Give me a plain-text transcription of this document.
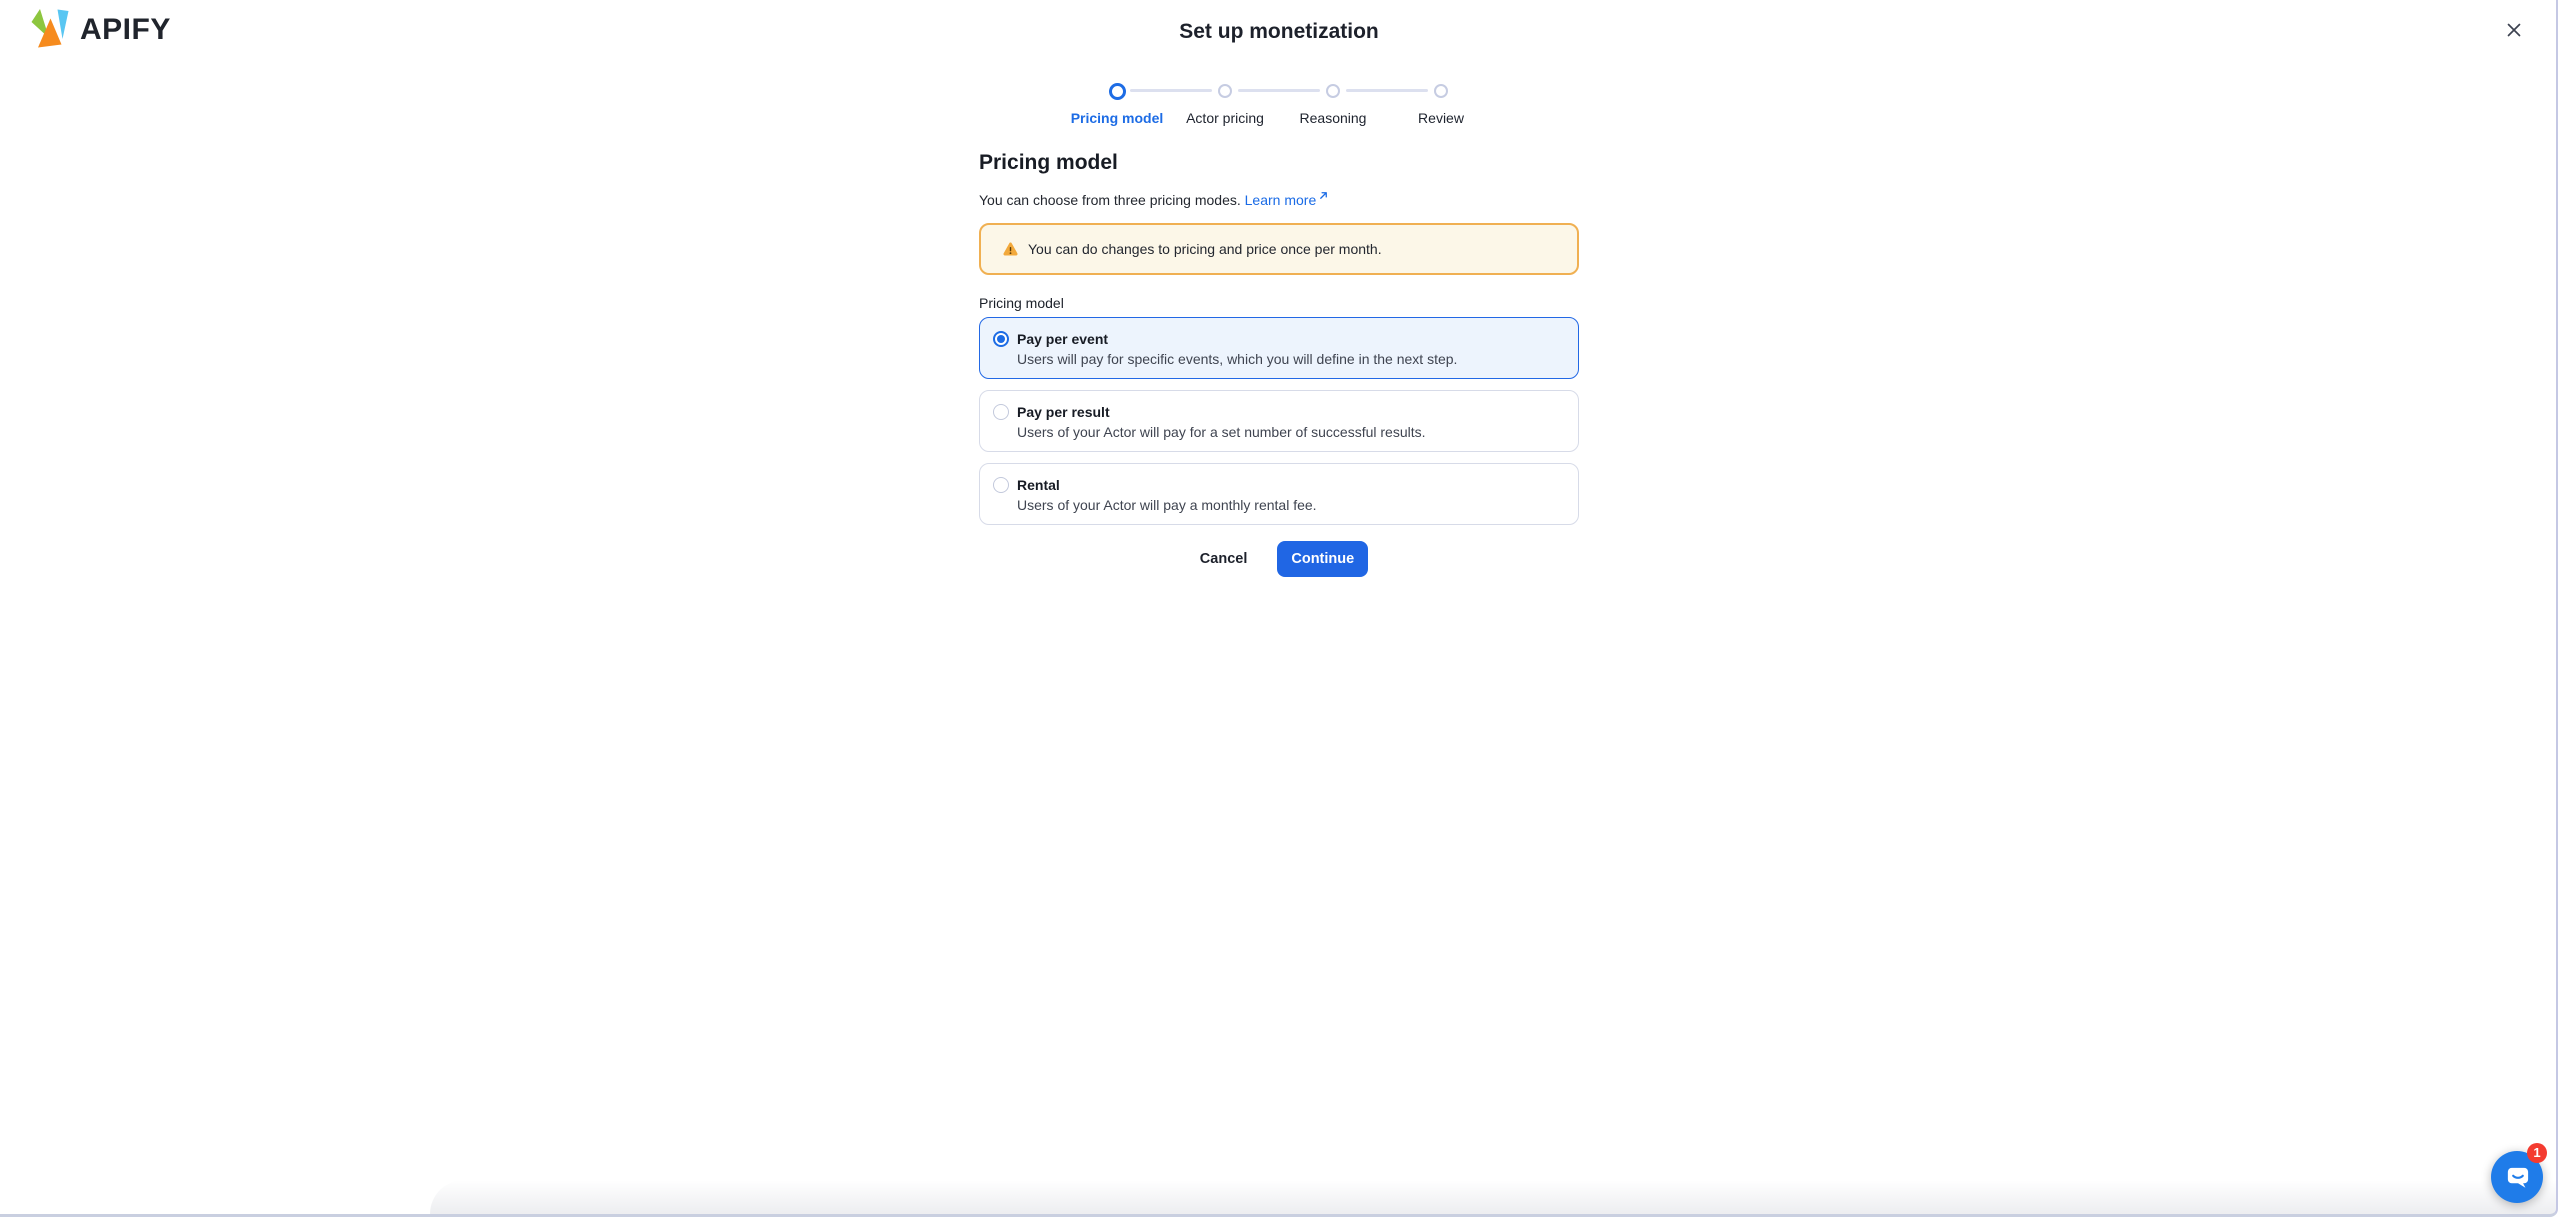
APIFY	Set up monetization
Pricing model	Actor pricing	Reasoning	Review
Pricing model
You can choose from three pricing modes. Learn more
You can do changes to pricing and price once per month.
Pricing model
Pay per event
Users will pay for specific events, which you will define in the next step.
Pay per result
Users of your Actor will pay for a set number of successful results.
Rental
Users of your Actor will pay a monthly rental fee.
Cancel	Continue
1
